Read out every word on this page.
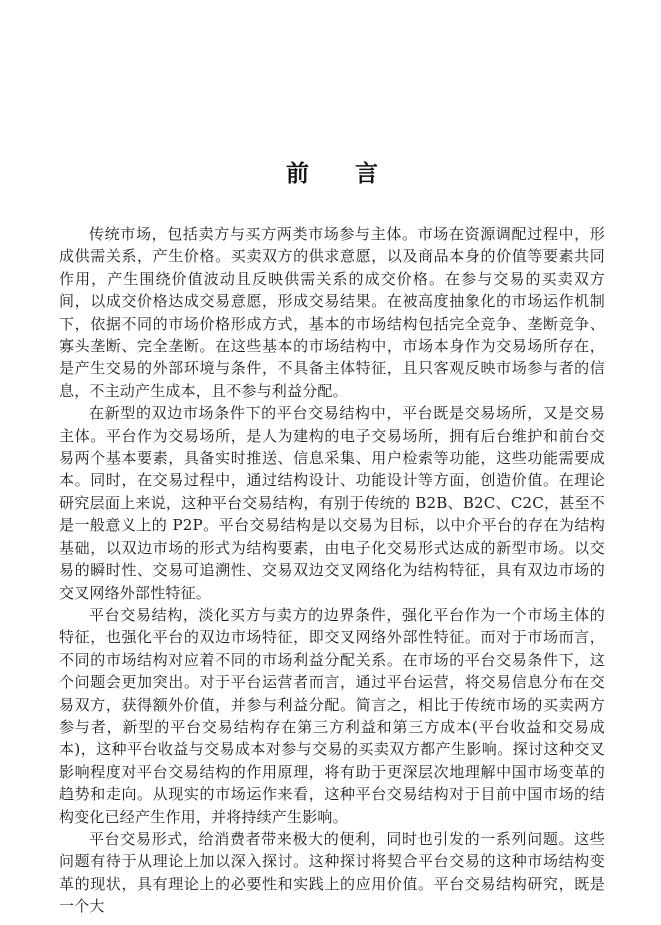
前　　言

传统市场，包括卖方与买方两类市场参与主体。市场在资源调配过程中，形成供需关系，产生价格。买卖双方的供求意愿，以及商品本身的价值等要素共同作用，产生围绕价值波动且反映供需关系的成交价格。在参与交易的买卖双方间，以成交价格达成交易意愿，形成交易结果。在被高度抽象化的市场运作机制下，依据不同的市场价格形成方式，基本的市场结构包括完全竞争、垄断竞争、寡头垄断、完全垄断。在这些基本的市场结构中，市场本身作为交易场所存在，是产生交易的外部环境与条件，不具备主体特征，且只客观反映市场参与者的信息，不主动产生成本，且不参与利益分配。

在新型的双边市场条件下的平台交易结构中，平台既是交易场所，又是交易主体。平台作为交易场所，是人为建构的电子交易场所，拥有后台维护和前台交易两个基本要素，具备实时推送、信息采集、用户检索等功能，这些功能需要成本。同时，在交易过程中，通过结构设计、功能设计等方面，创造价值。在理论研究层面上来说，这种平台交易结构，有别于传统的 B2B、B2C、C2C，甚至不是一般意义上的 P2P。平台交易结构是以交易为目标，以中介平台的存在为结构基础，以双边市场的形式为结构要素，由电子化交易形式达成的新型市场。以交易的瞬时性、交易可追溯性、交易双边交叉网络化为结构特征，具有双边市场的交叉网络外部性特征。

平台交易结构，淡化买方与卖方的边界条件，强化平台作为一个市场主体的特征，也强化平台的双边市场特征，即交叉网络外部性特征。而对于市场而言，不同的市场结构对应着不同的市场利益分配关系。在市场的平台交易条件下，这个问题会更加突出。对于平台运营者而言，通过平台运营，将交易信息分布在交易双方，获得额外价值，并参与利益分配。简言之，相比于传统市场的买卖两方参与者，新型的平台交易结构存在第三方利益和第三方成本(平台收益和交易成本)，这种平台收益与交易成本对参与交易的买卖双方都产生影响。探讨这种交叉影响程度对平台交易结构的作用原理，将有助于更深层次地理解中国市场变革的趋势和走向。从现实的市场运作来看，这种平台交易结构对于目前中国市场的结构变化已经产生作用，并将持续产生影响。

平台交易形式，给消费者带来极大的便利，同时也引发的一系列问题。这些问题有待于从理论上加以深入探讨。这种探讨将契合平台交易的这种市场结构变革的现状，具有理论上的必要性和实践上的应用价值。平台交易结构研究，既是一个大
